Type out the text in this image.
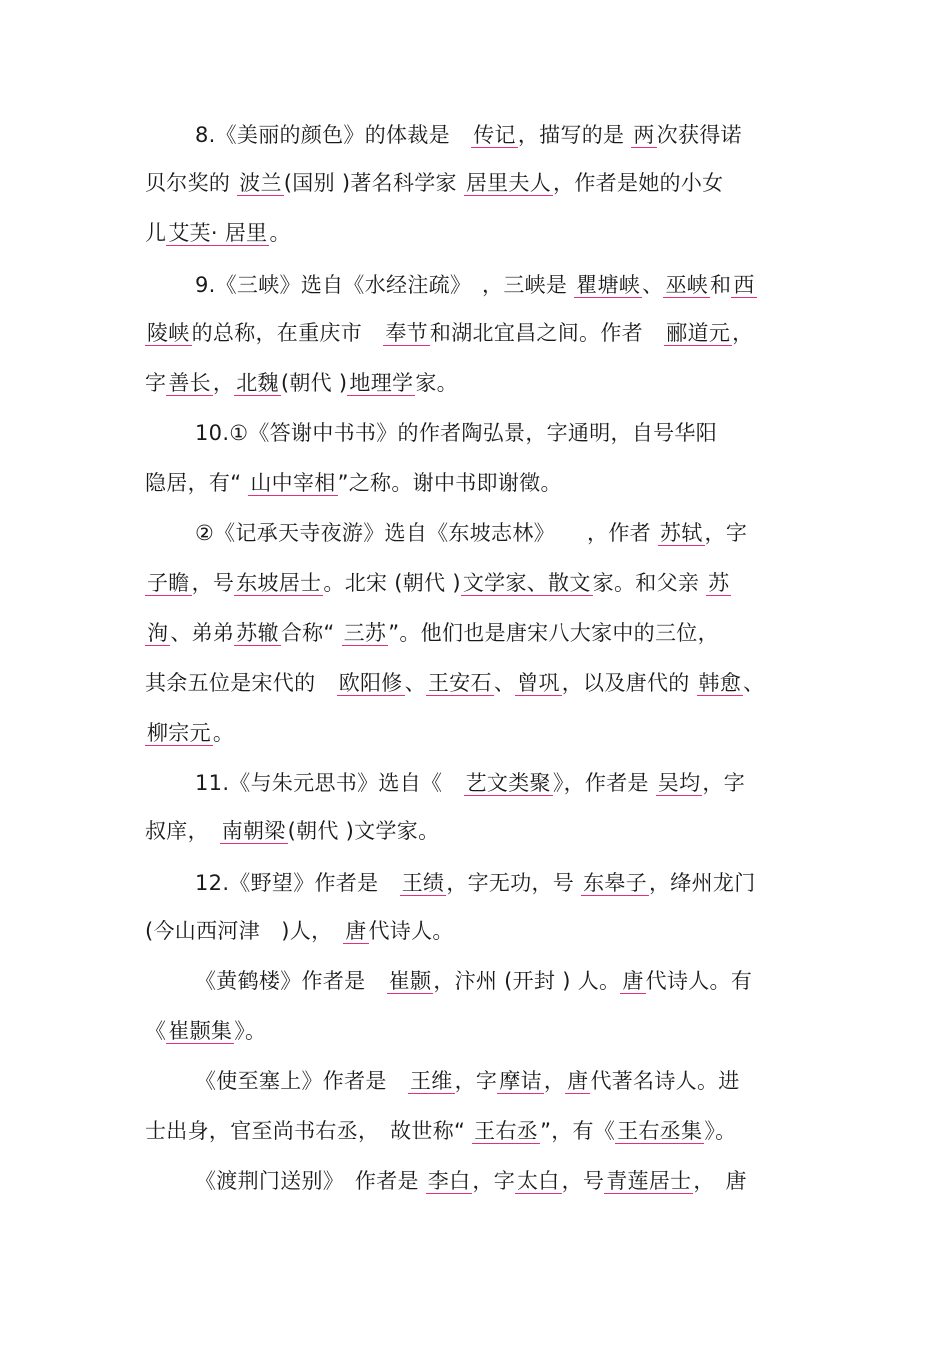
8.《美丽的颜色》的体裁是　传记，描写的是 两次获得诺
贝尔奖的 波兰(国别 )著名科学家 居里夫人，作者是她的小女
儿艾芙· 居里。
9.《三峡》选自《水经注疏》　，三峡是 瞿塘峡、巫峡和西
陵峡的总称，在重庆市　奉节和湖北宜昌之间。作者　郦道元，
字善长，北魏(朝代 )地理学家。
10.①《答谢中书书》的作者陶弘景，字通明，自号华阳
隐居，有“ 山中宰相”之称。谢中书即谢徵。
②《记承天寺夜游》选自《东坡志林》　　，作者 苏轼，字
子瞻，号东坡居士。北宋 (朝代 )文学家、散文家。和父亲 苏
洵、弟弟苏辙合称“ 三苏”。他们也是唐宋八大家中的三位，
其余五位是宋代的　欧阳修、王安石、曾巩，以及唐代的 韩愈、
柳宗元。
11.《与朱元思书》选自《　艺文类聚》，作者是 吴均，字
叔庠，　南朝梁(朝代 )文学家。
12.《野望》作者是　王绩，字无功，号 东皋子，绛州龙门
(今山西河津　)人，　唐代诗人。
《黄鹤楼》作者是　崔颢，汴州 (开封 ) 人。唐代诗人。有
《崔颢集》。
《使至塞上》作者是　王维，字摩诘，唐代著名诗人。进
士出身，官至尚书右丞，　故世称“ 王右丞”，有《王右丞集》。
《渡荆门送别》　作者是 李白，字太白，号青莲居士，　唐
